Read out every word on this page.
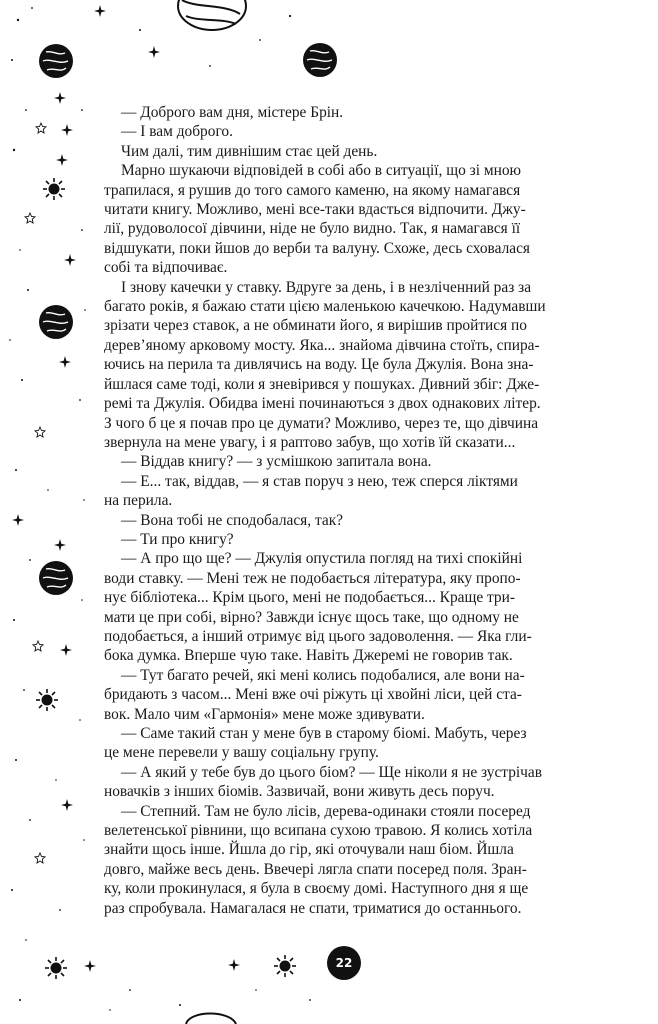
— Доброго вам дня, містере Брін.

— І вам доброго.

Чим далі, тим дивнішим стає цей день.

Марно шукаючи відповідей в собі або в ситуації, що зі мною
трапилася, я рушив до того самого каменю, на якому намагався
читати книгу. Можливо, мені все-таки вдасться відпочити. Джу-
лії, рудоволосої дівчини, ніде не було видно. Так, я намагався її
відшукати, поки йшов до верби та валуну. Схоже, десь сховалася
собі та відпочиває.

І знову качечки у ставку. Вдруге за день, і в незліченний раз за
багато років, я бажаю стати цією маленькою качечкою. Надумавши
зрізати через ставок, а не обминати його, я вирішив пройтися по
дерев’яному арковому мосту. Яка... знайома дівчина стоїть, спира-
ючись на перила та дивлячись на воду. Це була Джулія. Вона зна-
йшлася саме тоді, коли я зневірився у пошуках. Дивний збіг: Дже-
ремі та Джулія. Обидва імені починаються з двох однакових літер.
З чого б це я почав про це думати? Можливо, через те, що дівчина
звернула на мене увагу, і я раптово забув, що хотів їй сказати...

— Віддав книгу? — з усмішкою запитала вона.

— Е... так, віддав, — я став поруч з нею, теж сперся ліктями
на перила.

— Вона тобі не сподобалася, так?

— Ти про книгу?

— А про що ще? — Джулія опустила погляд на тихі спокійні
води ставку. — Мені теж не подобається література, яку пропо-
нує бібліотека... Крім цього, мені не подобається... Краще три-
мати це при собі, вірно? Завжди існує щось таке, що одному не
подобається, а інший отримує від цього задоволення. — Яка гли-
бока думка. Вперше чую таке. Навіть Джеремі не говорив так.

— Тут багато речей, які мені колись подобалися, але вони на-
бридають з часом... Мені вже очі ріжуть ці хвойні ліси, цей ста-
вок. Мало чим «Гармонія» мене може здивувати.

— Саме такий стан у мене був в старому біомі. Мабуть, через
це мене перевели у вашу соціальну групу.

— А який у тебе був до цього біом? — Ще ніколи я не зустрічав
новачків з інших біомів. Зазвичай, вони живуть десь поруч.

— Степний. Там не було лісів, дерева-одинаки стояли посеред
велетенської рівнини, що всипана сухою травою. Я колись хотіла
знайти щось інше. Йшла до гір, які оточували наш біом. Йшла
довго, майже весь день. Ввечері лягла спати посеред поля. Зран-
ку, коли прокинулася, я була в своєму домі. Наступного дня я ще
раз спробувала. Намагалася не спати, триматися до останнього.

22
